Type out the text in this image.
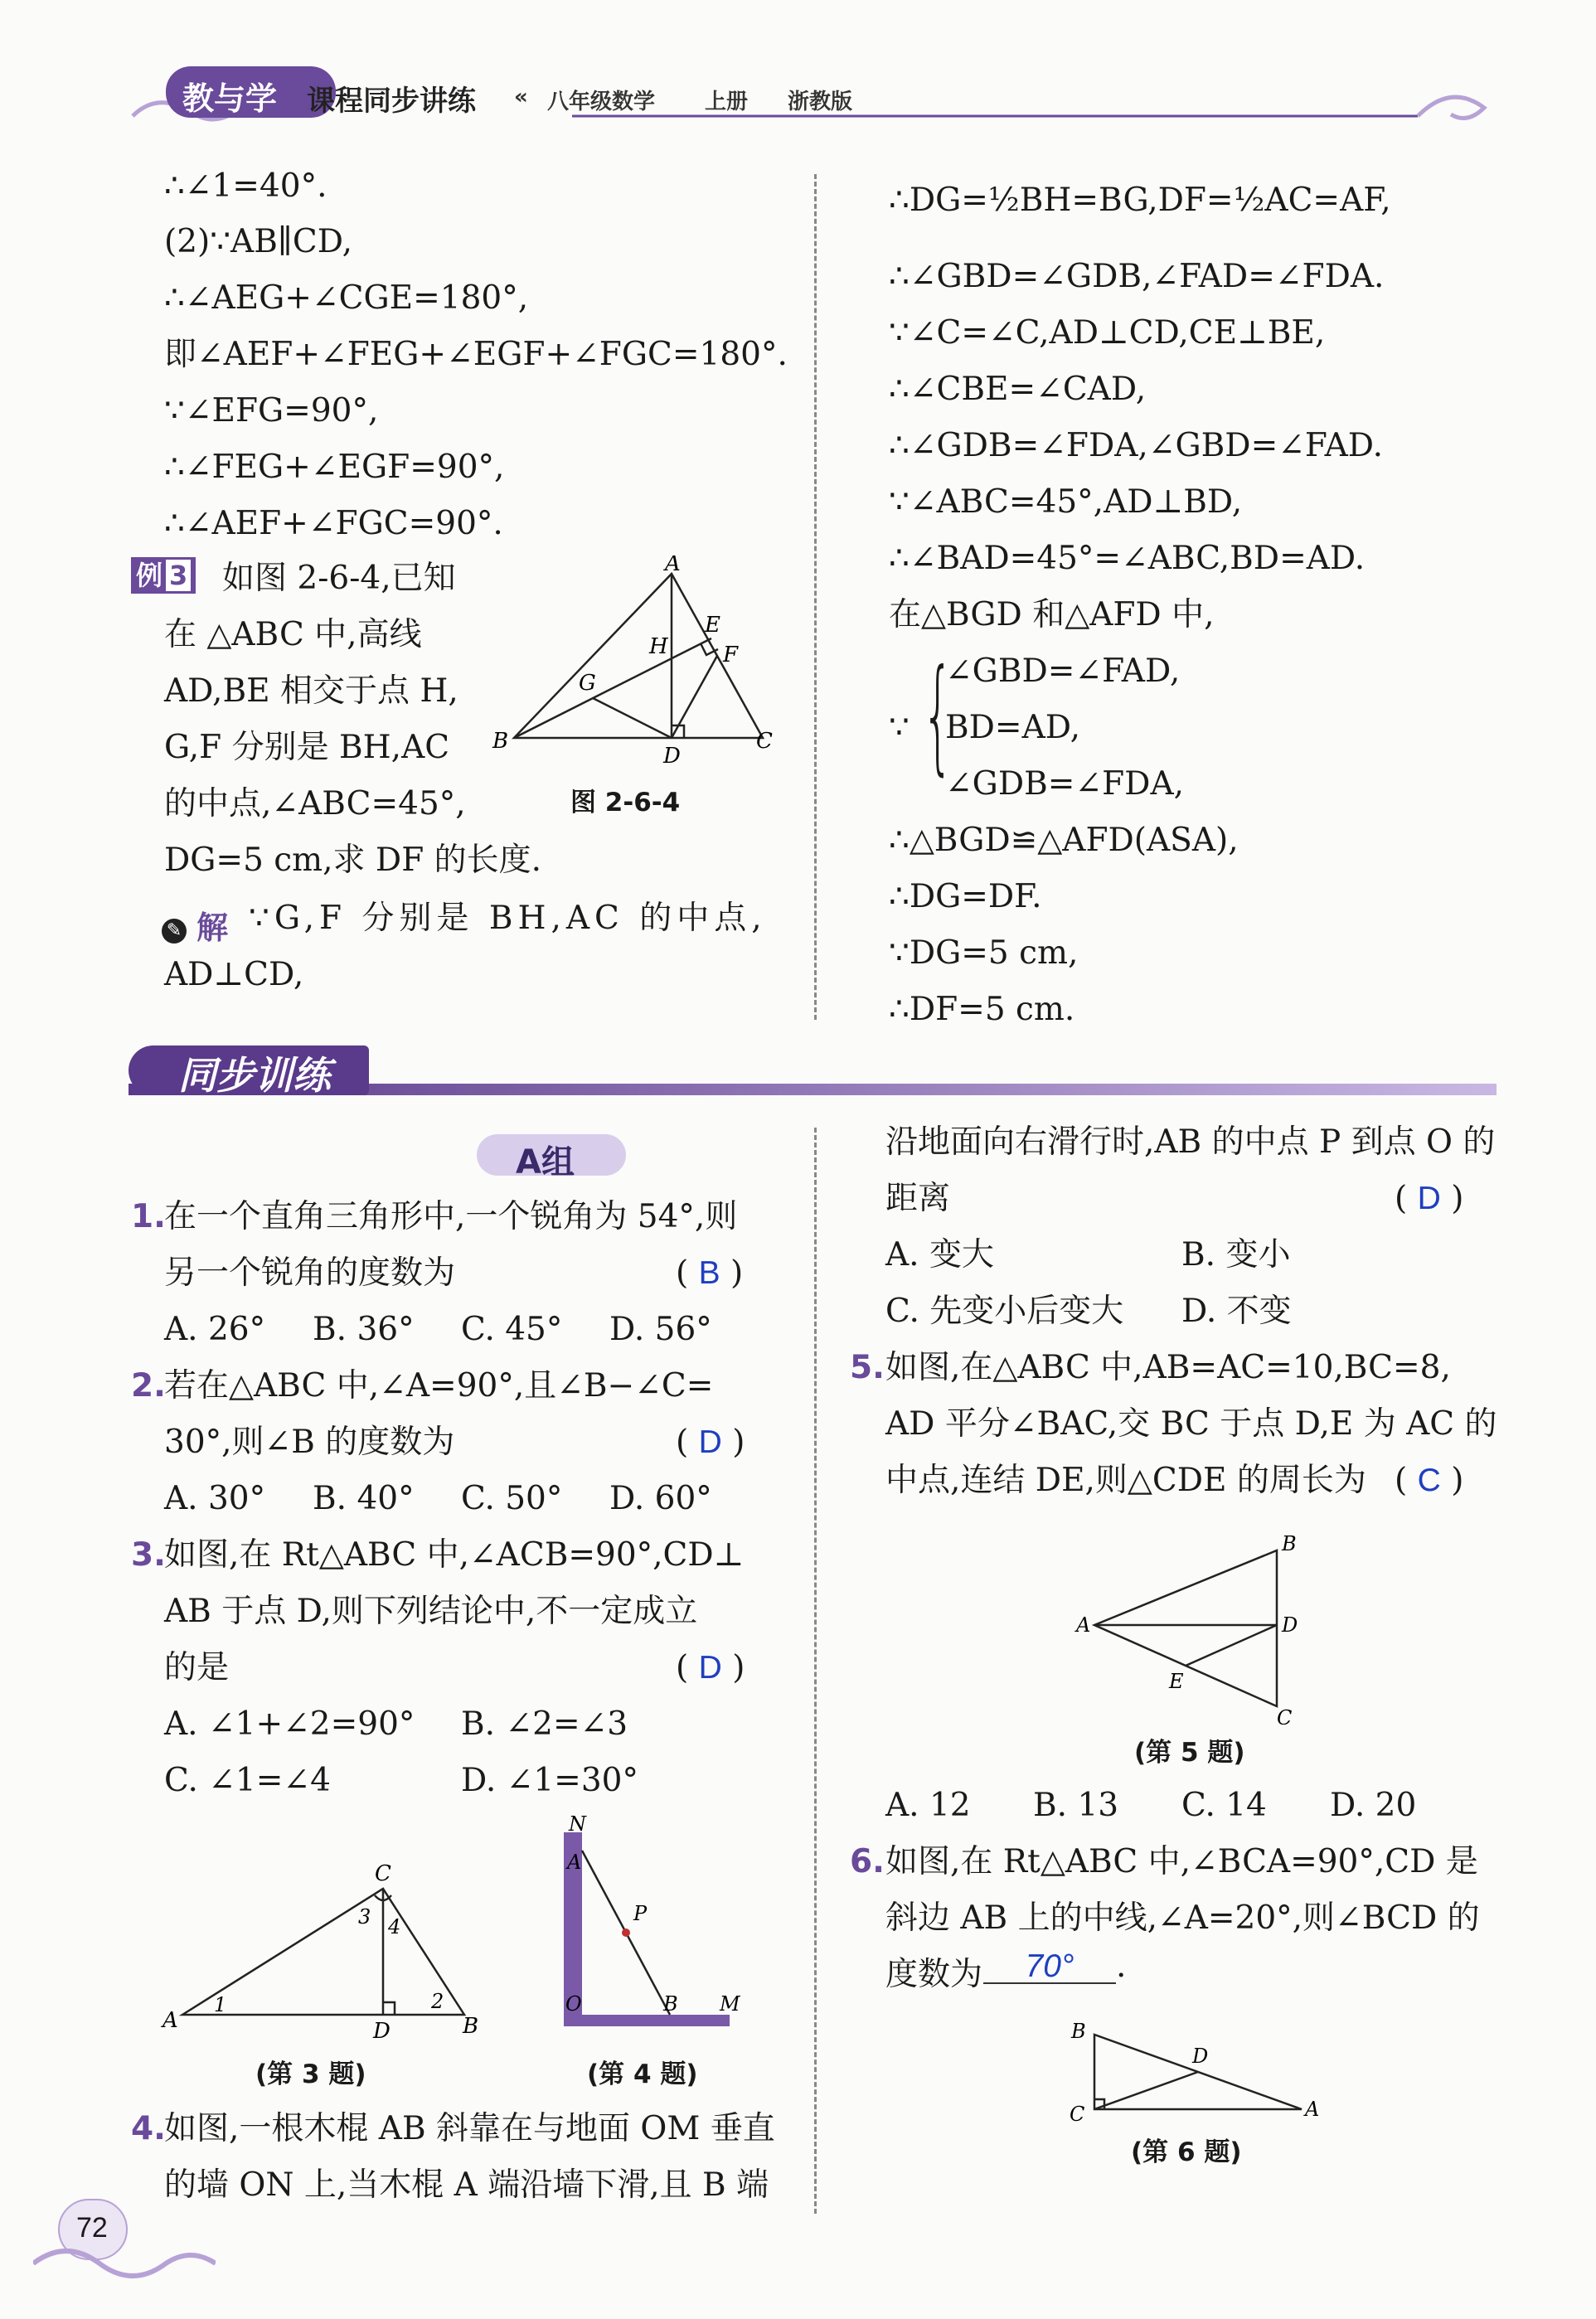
教与学 课程同步讲练 « 八年级数学 上册 浙教版
∴∠1=40°.
(2)∵AB∥CD,
∴∠AEG+∠CGE=180°,
即∠AEF+∠FEG+∠EGF+∠FGC=180°.
∵∠EFG=90°,
∴∠FEG+∠EGF=90°,
∴∠AEF+∠FGC=90°.
例 3 如图 2-6-4,已知
在 △ABC 中,高线
AD,BE 相交于点 H,
G,F 分别是 BH,AC
的中点,∠ABC=45°,
DG=5 cm,求 DF 的长度.
A
E
H	F
G
B
D
C
图 2-6-4
✎ 解 ∵G,F 分别是 BH,AC 的中点,
AD⊥CD,
∴DG=½BH=BG,DF=½AC=AF,
∴∠GBD=∠GDB,∠FAD=∠FDA.
∵∠C=∠C,AD⊥CD,CE⊥BE,
∴∠CBE=∠CAD,
∴∠GDB=∠FDA,∠GBD=∠FAD.
∵∠ABC=45°,AD⊥BD,
∴∠BAD=45°=∠ABC,BD=AD.
在△BGD 和△AFD 中,
∵ {
∠GBD=∠FAD,
BD=AD,
∠GDB=∠FDA,
∴△BGD≌△AFD(ASA),
∴DG=DF.
∵DG=5 cm,
∴DF=5 cm.
同步训练
A组
1.
在一个直角三角形中,一个锐角为 54°,则
另一个锐角的度数为	( B )
A. 26° B. 36° C. 45° D. 56°
2.
若在△ABC 中,∠A=90°,且∠B−∠C=
30°,则∠B 的度数为	( D )
A. 30° B. 40° C. 50° D. 60°
3.
如图,在 Rt△ABC 中,∠ACB=90°,CD⊥
AB 于点 D,则下列结论中,不一定成立
的是	( D )
A. ∠1+∠2=90° B. ∠2=∠3
C. ∠1=∠4	D. ∠1=30°
C
3 4
A
1
D
2
B
(第 3 题)
N
A
P
O	B M
(第 4 题)
4.
如图,一根木棍 AB 斜靠在与地面 OM 垂直
的墙 ON 上,当木棍 A 端沿墙下滑,且 B 端
沿地面向右滑行时,AB 的中点 P 到点 O 的
距离	( D )
A. 变大	B. 变小
C. 先变小后变大 D. 不变
5. 如图,在△ABC 中,AB=AC=10,BC=8,
AD 平分∠BAC,交 BC 于点 D,E 为 AC 的
中点,连结 DE,则△CDE 的周长为 ( C )
B
A	D
E
C
(第 5 题)
A. 12 B. 13 C. 14 D. 20
6. 如图,在 Rt△ABC 中,∠BCA=90°,CD 是
斜边 AB 上的中线,∠A=20°,则∠BCD 的
度数为	70° .
B
D
C	A
(第 6 题)
72
